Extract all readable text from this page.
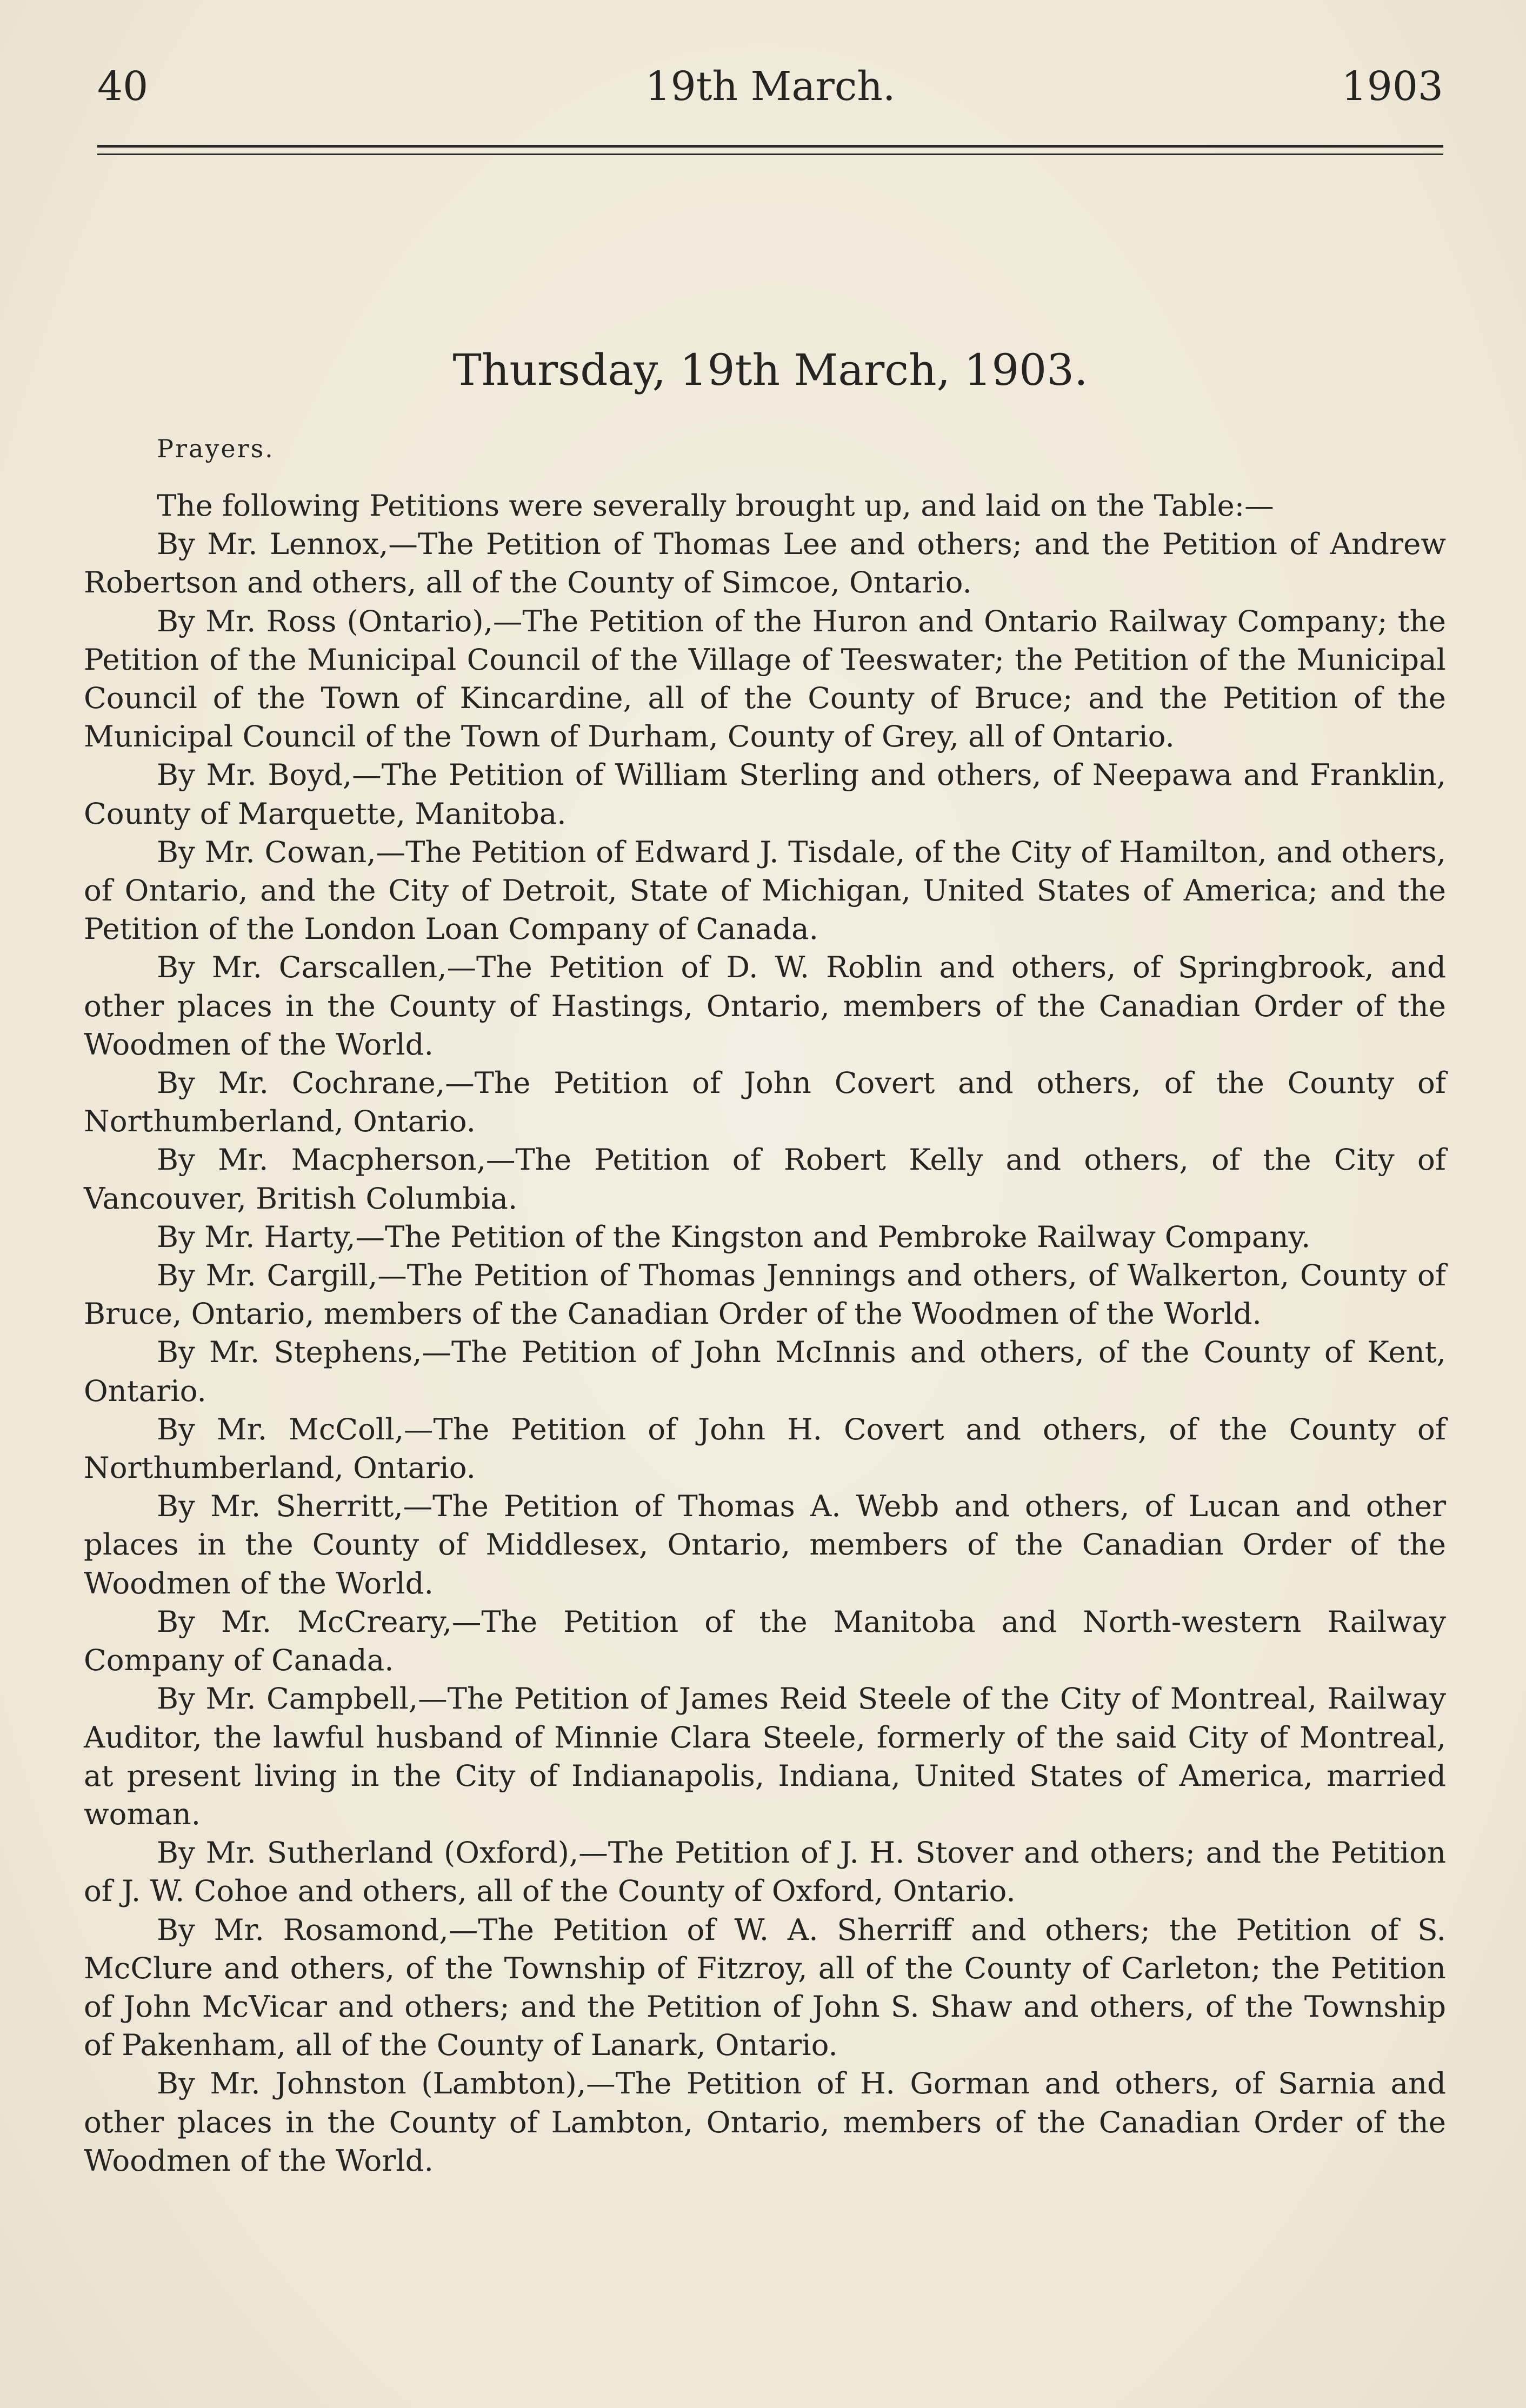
40	19th March.	1903
Thursday, 19th March, 1903.
Prayers.

The following Petitions were severally brought up, and laid on the Table:—

By Mr. Lennox,—The Petition of Thomas Lee and others; and the Petition of Andrew Robertson and others, all of the County of Simcoe, Ontario.

By Mr. Ross (Ontario),—The Petition of the Huron and Ontario Railway Company; the Petition of the Municipal Council of the Village of Teeswater; the Petition of the Municipal Council of the Town of Kincardine, all of the County of Bruce; and the Petition of the Municipal Council of the Town of Durham, County of Grey, all of Ontario.

By Mr. Boyd,—The Petition of William Sterling and others, of Neepawa and Franklin, County of Marquette, Manitoba.

By Mr. Cowan,—The Petition of Edward J. Tisdale, of the City of Hamilton, and others, of Ontario, and the City of Detroit, State of Michigan, United States of America; and the Petition of the London Loan Company of Canada.

By Mr. Carscallen,—The Petition of D. W. Roblin and others, of Springbrook, and other places in the County of Hastings, Ontario, members of the Canadian Order of the Woodmen of the World.

By Mr. Cochrane,—The Petition of John Covert and others, of the County of Northumberland, Ontario.

By Mr. Macpherson,—The Petition of Robert Kelly and others, of the City of Vancouver, British Columbia.

By Mr. Harty,—The Petition of the Kingston and Pembroke Railway Company.

By Mr. Cargill,—The Petition of Thomas Jennings and others, of Walkerton, County of Bruce, Ontario, members of the Canadian Order of the Woodmen of the World.

By Mr. Stephens,—The Petition of John McInnis and others, of the County of Kent, Ontario.

By Mr. McColl,—The Petition of John H. Covert and others, of the County of Northumberland, Ontario.

By Mr. Sherritt,—The Petition of Thomas A. Webb and others, of Lucan and other places in the County of Middlesex, Ontario, members of the Canadian Order of the Woodmen of the World.

By Mr. McCreary,—The Petition of the Manitoba and North-western Railway Company of Canada.

By Mr. Campbell,—The Petition of James Reid Steele of the City of Montreal, Railway Auditor, the lawful husband of Minnie Clara Steele, formerly of the said City of Montreal, at present living in the City of Indianapolis, Indiana, United States of America, married woman.

By Mr. Sutherland (Oxford),—The Petition of J. H. Stover and others; and the Petition of J. W. Cohoe and others, all of the County of Oxford, Ontario.

By Mr. Rosamond,—The Petition of W. A. Sherriff and others; the Petition of S. McClure and others, of the Township of Fitzroy, all of the County of Carleton; the Petition of John McVicar and others; and the Petition of John S. Shaw and others, of the Township of Pakenham, all of the County of Lanark, Ontario.

By Mr. Johnston (Lambton),—The Petition of H. Gorman and others, of Sarnia and other places in the County of Lambton, Ontario, members of the Canadian Order of the Woodmen of the World.
